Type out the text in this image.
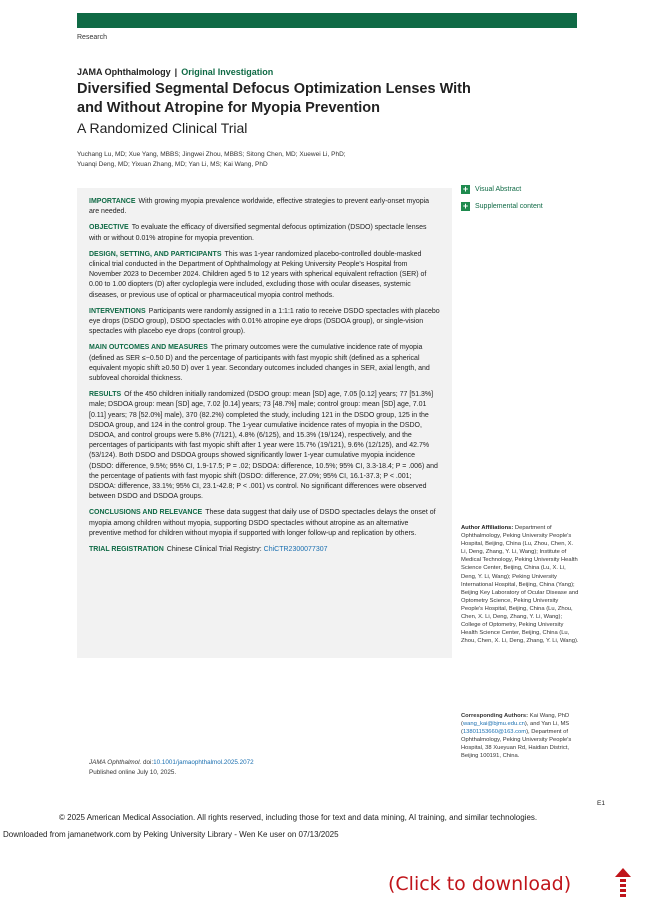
Research
JAMA Ophthalmology | Original Investigation
Diversified Segmental Defocus Optimization Lenses With and Without Atropine for Myopia Prevention
A Randomized Clinical Trial
Yuchang Lu, MD; Xue Yang, MBBS; Jingwei Zhou, MBBS; Sitong Chen, MD; Xuewei Li, PhD;
Yuanqi Deng, MD; Yixuan Zhang, MD; Yan Li, MS; Kai Wang, PhD
+ Visual Abstract
+ Supplemental content

IMPORTANCE With growing myopia prevalence worldwide, effective strategies to prevent early-onset myopia are needed.

OBJECTIVE To evaluate the efficacy of diversified segmental defocus optimization (DSDO) spectacle lenses with or without 0.01% atropine for myopia prevention.

DESIGN, SETTING, AND PARTICIPANTS This was 1-year randomized placebo-controlled double-masked clinical trial conducted in the Department of Ophthalmology at Peking University People's Hospital from November 2023 to December 2024. Children aged 5 to 12 years with spherical equivalent refraction (SER) of 0.00 to 1.00 diopters (D) after cycloplegia were included, excluding those with ocular diseases, systemic diseases, or previous use of optical or pharmaceutical myopia control methods.

INTERVENTIONS Participants were randomly assigned in a 1:1:1 ratio to receive DSDO spectacles with placebo eye drops (DSDO group), DSDO spectacles with 0.01% atropine eye drops (DSDOA group), or single-vision spectacles with placebo eye drops (control group).

MAIN OUTCOMES AND MEASURES The primary outcomes were the cumulative incidence rate of myopia (defined as SER ≤−0.50 D) and the percentage of participants with fast myopic shift (defined as a spherical equivalent myopic shift ≥0.50 D) over 1 year. Secondary outcomes included changes in SER, axial length, and subfoveal choroidal thickness.

RESULTS Of the 450 children initially randomized (DSDO group: mean [SD] age, 7.05 [0.12] years; 77 [51.3%] male; DSDOA group: mean [SD] age, 7.02 [0.14] years; 73 [48.7%] male; control group: mean [SD] age, 7.01 [0.11] years; 78 [52.0%] male), 370 (82.2%) completed the study, including 121 in the DSDO group, 125 in the DSDOA group, and 124 in the control group. The 1-year cumulative incidence rates of myopia in the DSDO, DSDOA, and control groups were 5.8% (7/121), 4.8% (6/125), and 15.3% (19/124), respectively, and the percentages of participants with fast myopic shift after 1 year were 15.7% (19/121), 9.6% (12/125), and 42.7% (53/124). Both DSDO and DSDOA groups showed significantly lower 1-year cumulative myopia incidence (DSDO: difference, 9.5%; 95% CI, 1.9-17.5; P = .02; DSDOA: difference, 10.5%; 95% CI, 3.3-18.4; P = .006) and the percentage of patients with fast myopic shift (DSDO: difference, 27.0%; 95% CI, 16.1-37.3; P < .001; DSDOA: difference, 33.1%; 95% CI, 23.1-42.8; P < .001) vs control. No significant differences were observed between DSDO and DSDOA groups.

CONCLUSIONS AND RELEVANCE These data suggest that daily use of DSDO spectacles delays the onset of myopia among children without myopia, supporting DSDO spectacles without atropine as an alternative preventive method for children without myopia if supported with longer follow-up and replication by others.

TRIAL REGISTRATION Chinese Clinical Trial Registry: ChiCTR2300077307

Author Affiliations: Department of Ophthalmology, Peking University People's Hospital, Beijing, China (Lu, Zhou, Chen, X. Li, Deng, Zhang, Y. Li, Wang); Institute of Medical Technology, Peking University Health Science Center, Beijing, China (Lu, X. Li, Deng, Y. Li, Wang); Peking University International Hospital, Beijing, China (Yang); Beijing Key Laboratory of Ocular Disease and Optometry Science, Peking University People's Hospital, Beijing, China (Lu, Zhou, Chen, X. Li, Deng, Zhang, Y. Li, Wang); College of Optometry, Peking University Health Science Center, Beijing, China (Lu, Zhou, Chen, X. Li, Deng, Zhang, Y. Li, Wang).
Corresponding Authors: Kai Wang, PhD (wang_kai@bjmu.edu.cn), and Yan Li, MS (13801153660@163.com), Department of Ophthalmology, Peking University People's Hospital, 38 Xueyuan Rd, Haidian District, Beijing 100191, China.
JAMA Ophthalmol. doi:10.1001/jamaophthalmol.2025.2072
Published online July 10, 2025.
E1
© 2025 American Medical Association. All rights reserved, including those for text and data mining, AI training, and similar technologies.
Downloaded from jamanetwork.com by Peking University Library - Wen Ke user on 07/13/2025
(Click to download)
